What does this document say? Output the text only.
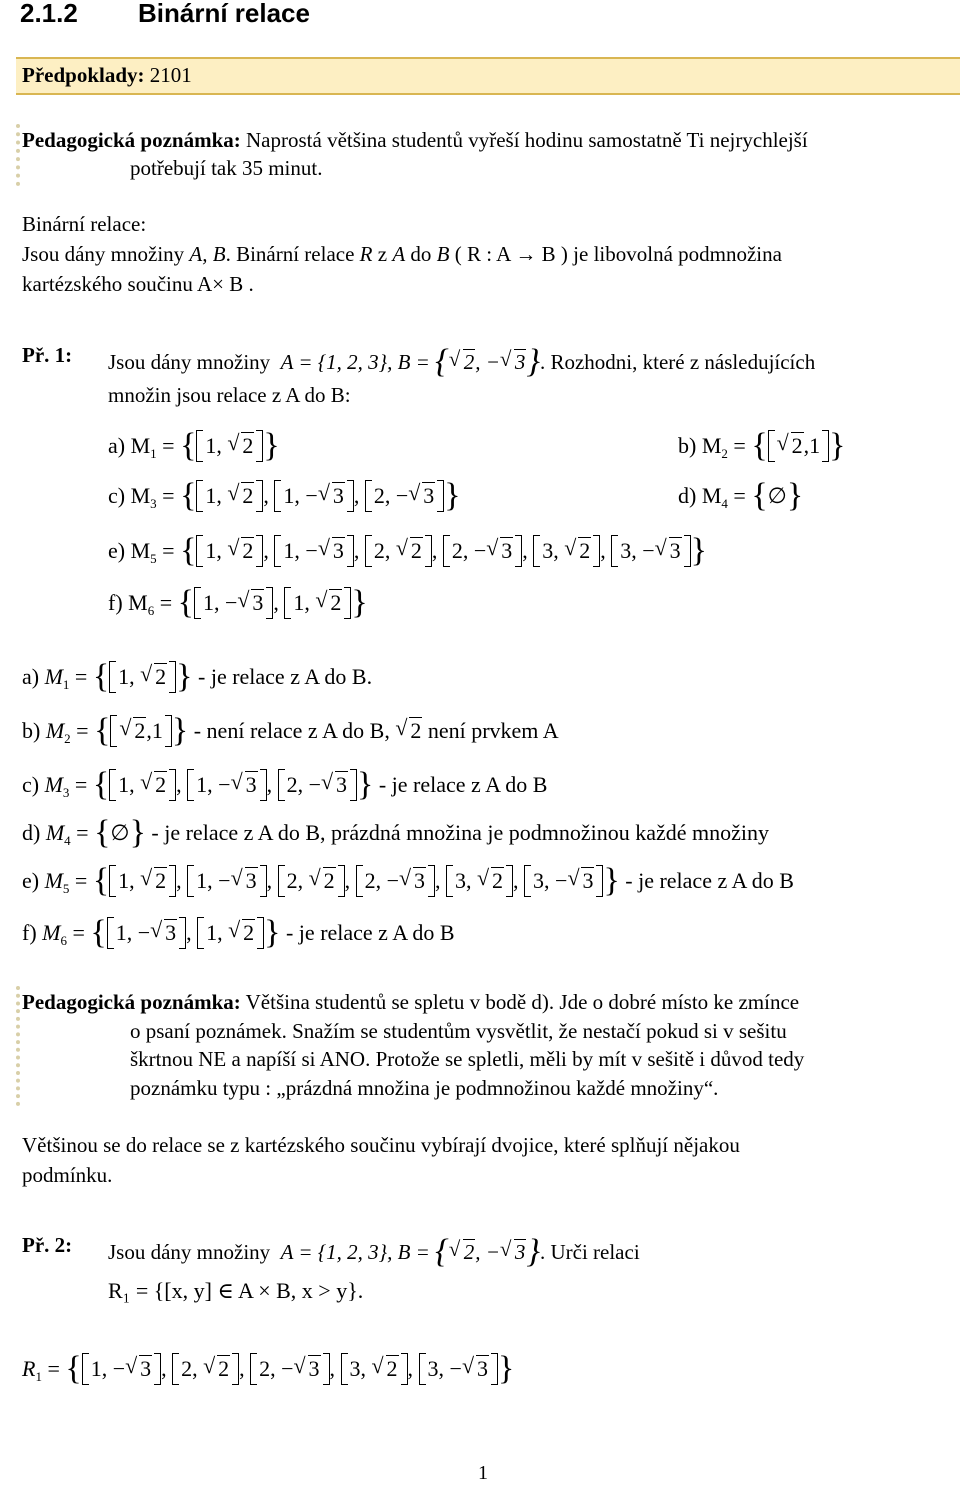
2.1.2 Binární relace
Předpoklady: 2101
Pedagogická poznámka: Naprostá většina studentů vyřeší hodinu samostatně Ti nejrychlejší
potřebují tak 35 minut.
Binární relace:
Jsou dány množiny A, B. Binární relace R z A do B ( R : A → B ) je libovolná podmnožina
kartézského součinu A× B .
Př. 1: Jsou dány množiny A = {1, 2, 3}, B = { √ 2, − √ 3}. Rozhodni, které z následujících
množin jsou relace z A do B:
a) $M_1$ = { 1, √ 2 }	b) $M_2$ = { √ 2,1 }
c) $M_3$ = { 1, √ 2 , 1, − √ 3 , 2, − √ 3 }	d) $M_4$ = {∅}
e) $M_5$ = { 1, √ 2 , 1, − √ 3 , 2, √ 2 , 2, − √ 3 , 3, √ 2 , 3, − √ 3 }
f) $M_6$ = { 1, − √ 3 , 1, √ 2 }
a) $M_1$ = { 1, √ 2 } - je relace z A do B.
b) $M_2$ = { √ 2,1 } - není relace z A do B, √ 2 není prvkem A
c) $M_3$ = { 1, √ 2 , 1, − √ 3 , 2, − √ 3 } - je relace z A do B
d) $M_4$ = {∅} - je relace z A do B, prázdná množina je podmnožinou každé množiny
e) $M_5$ = { 1, √ 2 , 1, − √ 3 , 2, √ 2 , 2, − √ 3 , 3, √ 2 , 3, − √ 3 } - je relace z A do B
f) $M_6$ = { 1, − √ 3 , 1, √ 2 } - je relace z A do B
Pedagogická poznámka: Většina studentů se spletu v bodě d). Jde o dobré místo ke zmínce
o psaní poznámek. Snažím se studentům vysvětlit, že nestačí pokud si v sešitu
škrtnou NE a napíší si ANO. Protože se spletli, měli by mít v sešitě i důvod tedy
poznámku typu : „prázdná množina je podmnožinou každé množiny“.
Většinou se do relace se z kartézského součinu vybírají dvojice, které splňují nějakou
podmínku.
Př. 2: Jsou dány množiny A = {1, 2, 3}, B = { √ 2, − √ 3}. Urči relaci
R₁ = {[x, y] ∈ A × B, x > y}.
$R_1$ = { 1, − √ 3 , 2, √ 2 , 2, − √ 3 , 3, √ 2 , 3, − √ 3 }
1
